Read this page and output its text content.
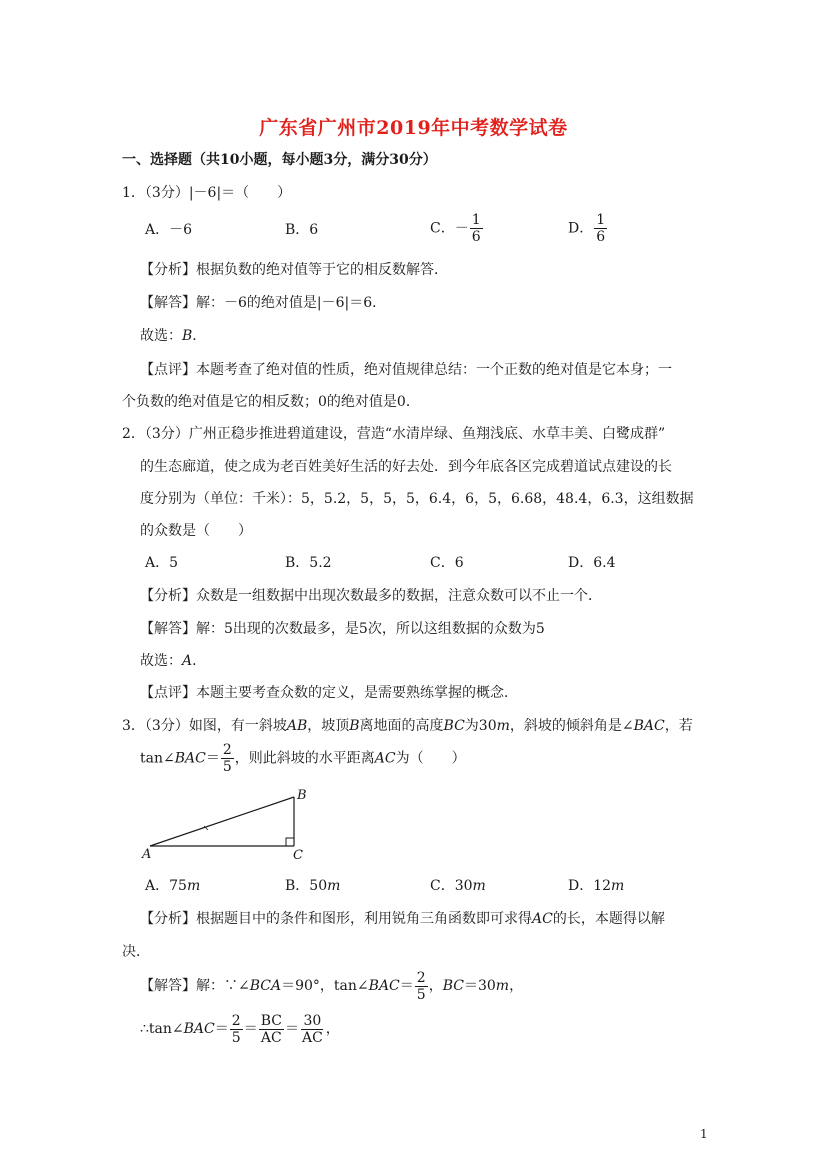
广东省广州市2019年中考数学试卷
一、选择题（共10小题，每小题3分，满分30分）
1．（3分）|－6|＝（　　）
A．－6	B．6	C．－ $\frac{1}{6}$	D． $\frac{1}{6}$
【分析】根据负数的绝对值等于它的相反数解答．
【解答】解：－6的绝对值是|－6|＝6．
故选：B．
【点评】本题考查了绝对值的性质，绝对值规律总结：一个正数的绝对值是它本身；一
个负数的绝对值是它的相反数；0的绝对值是0．
2．（3分）广州正稳步推进碧道建设，营造“水清岸绿、鱼翔浅底、水草丰美、白鹭成群”
的生态廊道，使之成为老百姓美好生活的好去处．到今年底各区完成碧道试点建设的长
度分别为（单位：千米）：5，5.2，5，5，5，6.4，6，5，6.68，48.4，6.3，这组数据
的众数是（　　）
A．5	B．5.2	C．6	D．6.4
【分析】众数是一组数据中出现次数最多的数据，注意众数可以不止一个．
【解答】解：5出现的次数最多，是5次，所以这组数据的众数为5
故选：A．
【点评】本题主要考查众数的定义，是需要熟练掌握的概念．
3．（3分）如图，有一斜坡AB，坡顶B离地面的高度BC为30m，斜坡的倾斜角是∠BAC，若
tan∠BAC＝ $\frac{2}{5}$ ，则此斜坡的水平距离AC为（　　）
A
B
C
A．75m	B．50m	C．30m	D．12m
【分析】根据题目中的条件和图形，利用锐角三角函数即可求得AC的长，本题得以解
决．
【解答】解：∵∠BCA＝90°，tan∠BAC＝ $\frac{2}{5}$ ，BC＝30m，
∴tan∠BAC＝ $\frac{2}{5} = \frac{BC}{AC} = \frac{30}{AC}$ ，
1
